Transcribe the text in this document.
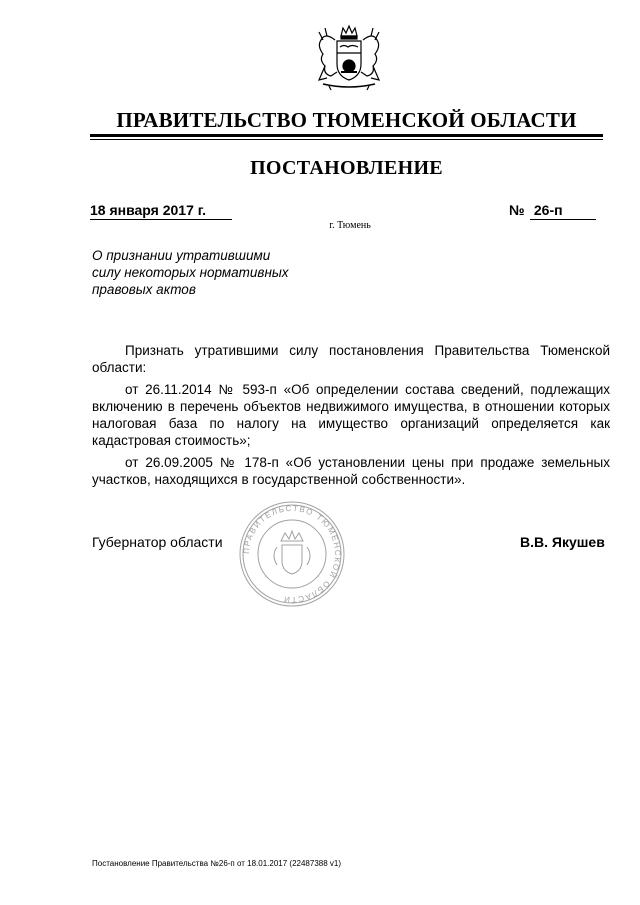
ПРАВИТЕЛЬСТВО ТЮМЕНСКОЙ ОБЛАСТИ
ПОСТАНОВЛЕНИЕ
18 января 2017 г.	№ 26-п
г. Тюмень
О признании утратившими
силу некоторых нормативных
правовых актов

Признать утратившими силу постановления Правительства Тюменской области:

от 26.11.2014 № 593-п «Об определении состава сведений, подлежащих включению в перечень объектов недвижимого имущества, в отношении которых налоговая база по налогу на имущество организаций определяется как кадастровая стоимость»;

от 26.09.2005 № 178-п «Об установлении цены при продаже земельных участков, находящихся в государственной собственности».

ПРАВИТЕЛЬСТВО ТЮМЕНСКОЙ ОБЛАСТИ
Губернатор области	В.В. Якушев
Постановление Правительства №26-п от 18.01.2017 (22487388 v1)
